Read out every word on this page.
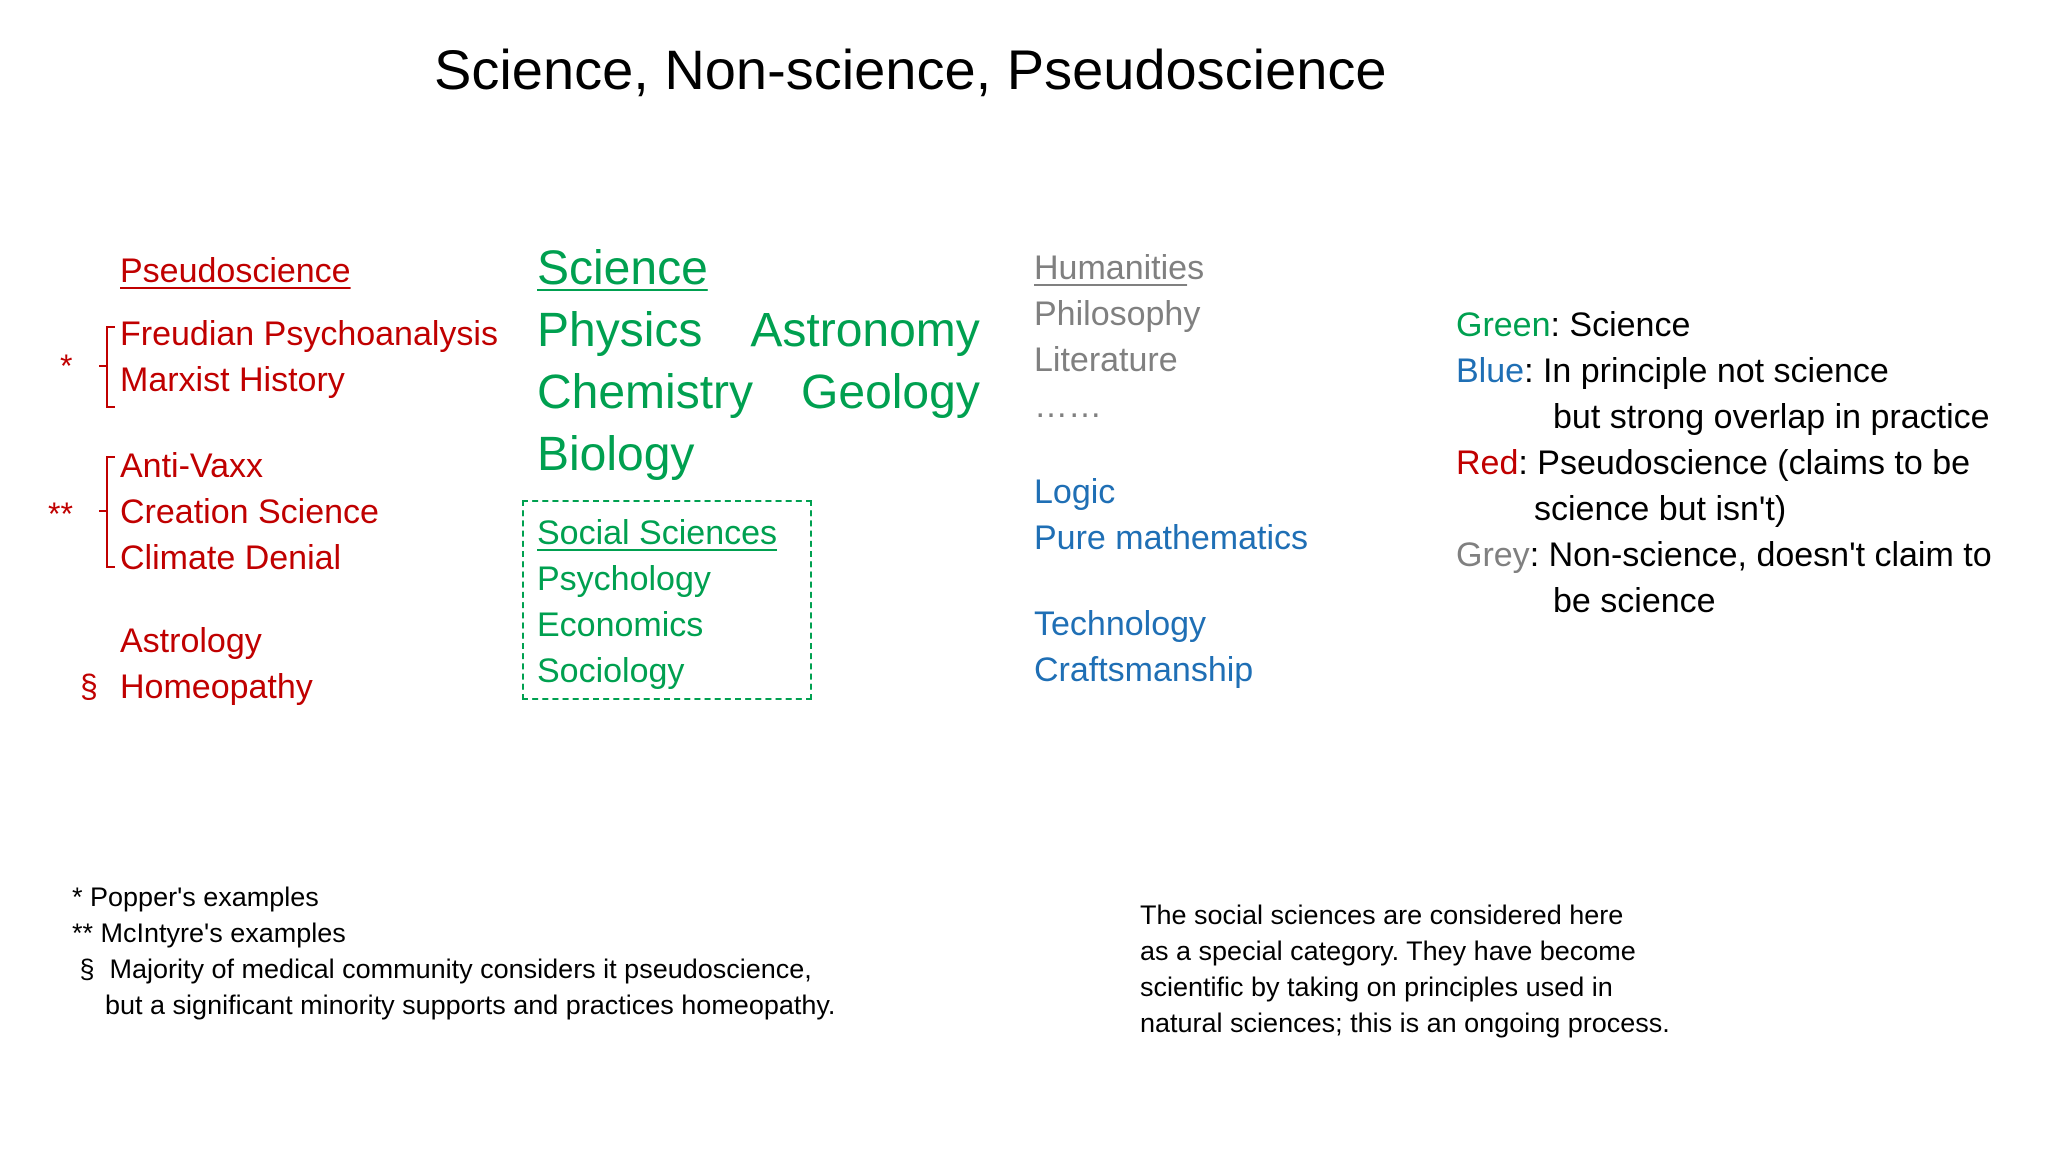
Science, Non-science, Pseudoscience
Pseudoscience
*
Freudian Psychoanalysis
Marxist History
**
Anti-Vaxx
Creation Science
Climate Denial
Astrology
§ Homeopathy
Science
Physics Astronomy
Chemistry Geology
Biology
Social Sciences
Psychology
Economics
Sociology
Humanities
Philosophy
Literature
……
Logic
Pure mathematics
Technology
Craftsmanship
Green: Science
Blue: In principle not science
but strong overlap in practice
Red: Pseudoscience (claims to be
science but isn't)
Grey: Non-science, doesn't claim to
be science
* Popper's examples
** McIntyre's examples
§  Majority of medical community considers it pseudoscience,
but a significant minority supports and practices homeopathy.
The social sciences are considered here
as a special category. They have become
scientific by taking on principles used in
natural sciences; this is an ongoing process.
